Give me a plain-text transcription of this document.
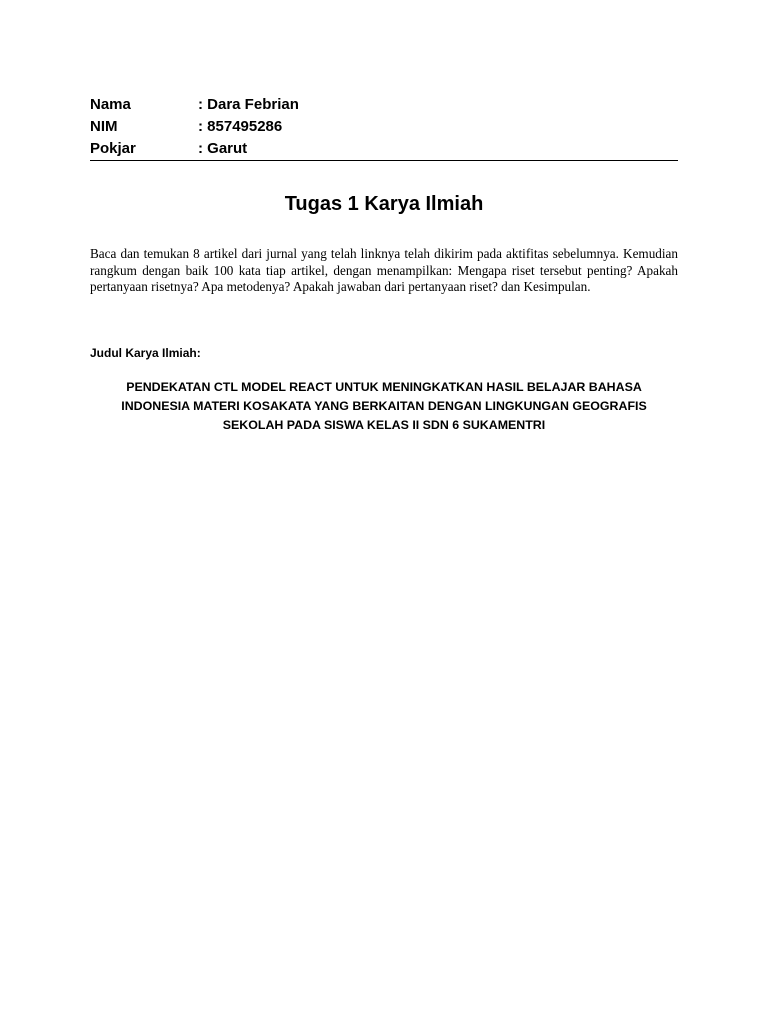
Nama	: Dara Febrian
NIM	: 857495286
Pokjar	: Garut
Tugas 1 Karya Ilmiah

Baca dan temukan 8 artikel dari jurnal yang telah linknya telah dikirim pada aktifitas sebelumnya. Kemudian rangkum dengan baik 100 kata tiap artikel, dengan menampilkan: Mengapa riset tersebut penting? Apakah pertanyaan risetnya? Apa metodenya? Apakah jawaban dari pertanyaan riset? dan Kesimpulan.

Judul Karya Ilmiah:
PENDEKATAN CTL MODEL REACT UNTUK MENINGKATKAN HASIL BELAJAR BAHASA
INDONESIA MATERI KOSAKATA YANG BERKAITAN DENGAN LINGKUNGAN GEOGRAFIS
SEKOLAH PADA SISWA KELAS II SDN 6 SUKAMENTRI
